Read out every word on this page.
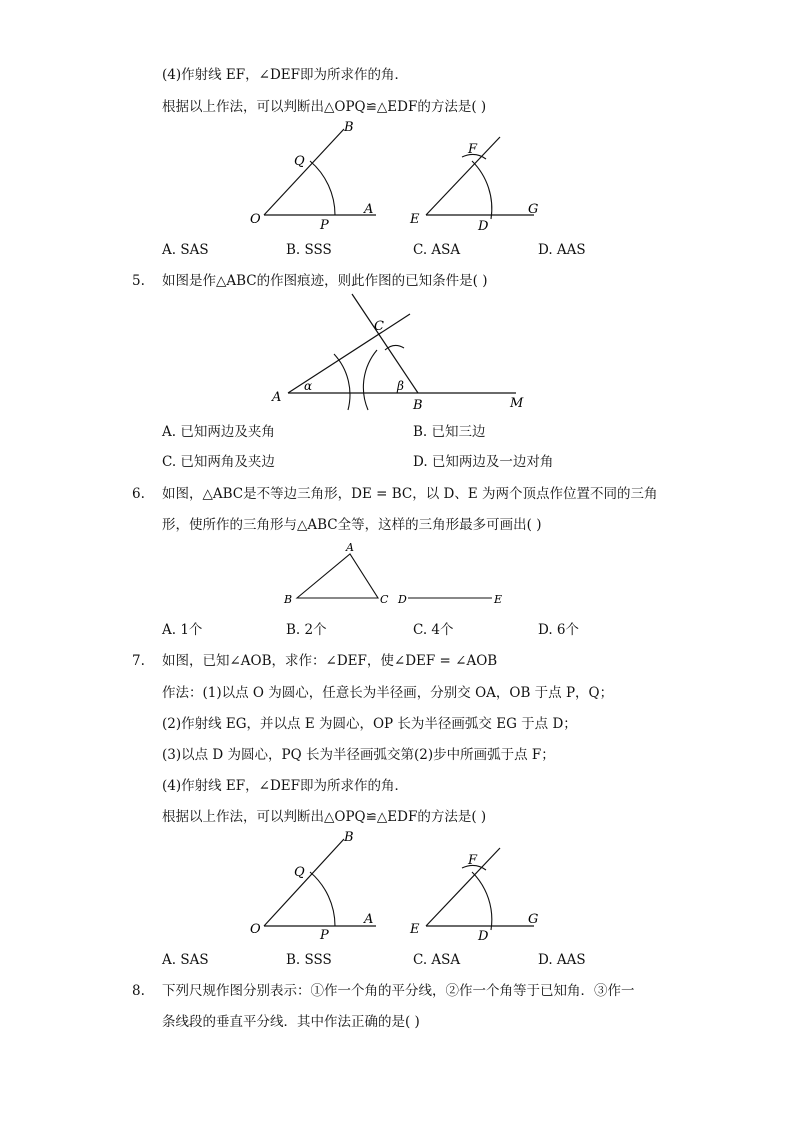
(4)作射线 EF，∠DEF即为所求作的角．
根据以上作法，可以判断出△OPQ≌△EDF的方法是( )
O	P
A
Q
B
E	D
G
F
A. SAS	B. SSS	C. ASA	D. AAS
5. 如图是作△ABC的作图痕迹，则此作图的已知条件是( )
A
α	β
B	M
C
A. 已知两边及夹角	B. 已知三边
C. 已知两角及夹边	D. 已知两边及一边对角
6. 如图，△ABC是不等边三角形，DE = BC，以 D、E 为两个顶点作位置不同的三角
形，使所作的三角形与△ABC全等，这样的三角形最多可画出( )
B
A
C D	E
A. 1个	B. 2个	C. 4个	D. 6个
7. 如图，已知∠AOB，求作：∠DEF，使∠DEF = ∠AOB
作法：(1)以点 O 为圆心，任意长为半径画，分别交 OA，OB 于点 P，Q；
(2)作射线 EG，并以点 E 为圆心，OP 长为半径画弧交 EG 于点 D；
(3)以点 D 为圆心，PQ 长为半径画弧交第(2)步中所画弧于点 F；
(4)作射线 EF，∠DEF即为所求作的角．
根据以上作法，可以判断出△OPQ≌△EDF的方法是( )
O	P
A
Q
B
E	D
G
F
A. SAS	B. SSS	C. ASA	D. AAS
8. 下列尺规作图分别表示：①作一个角的平分线，②作一个角等于已知角．③作一
条线段的垂直平分线．其中作法正确的是( )
